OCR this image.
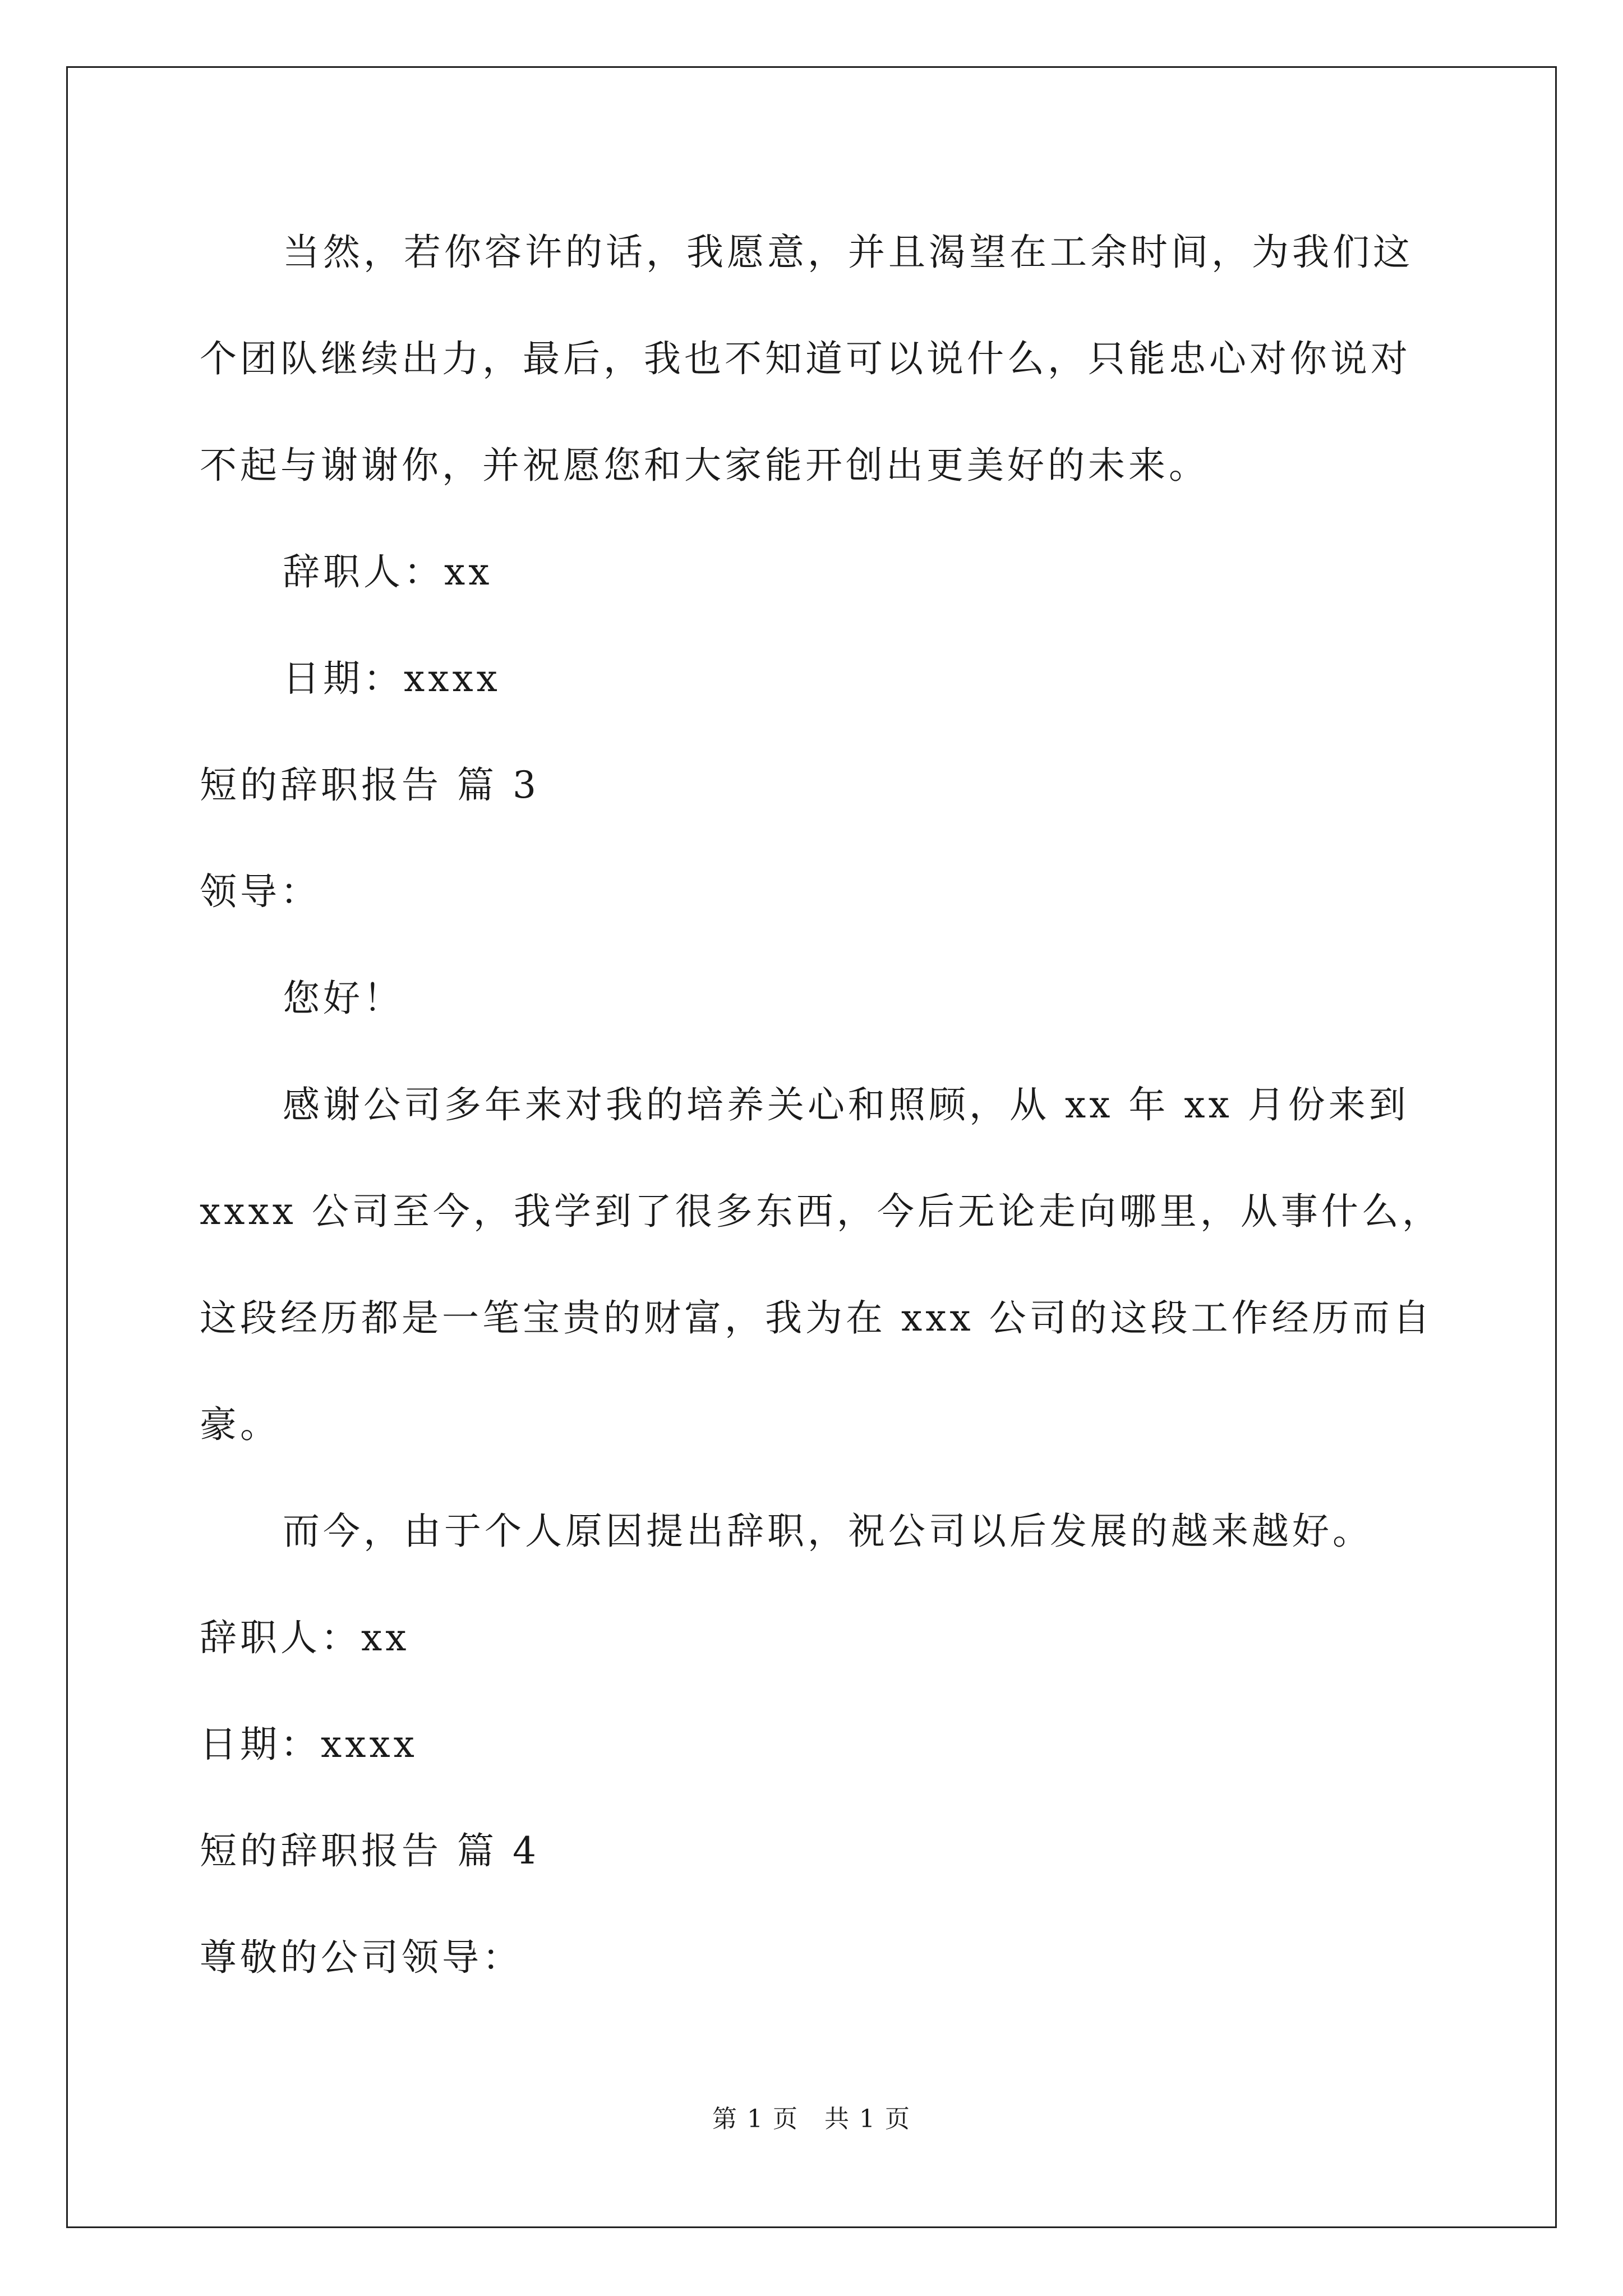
当然，若你容许的话，我愿意，并且渴望在工余时间，为我们这
个团队继续出力，最后，我也不知道可以说什么，只能忠心对你说对
不起与谢谢你，并祝愿您和大家能开创出更美好的未来。
辞职人：xx
日期：xxxx
短的辞职报告 篇 3
领导：
您好！
感谢公司多年来对我的培养关心和照顾，从 xx 年 xx 月份来到
xxxx 公司至今，我学到了很多东西，今后无论走向哪里，从事什么，
这段经历都是一笔宝贵的财富，我为在 xxx 公司的这段工作经历而自
豪。
而今，由于个人原因提出辞职，祝公司以后发展的越来越好。
辞职人：xx
日期：xxxx
短的辞职报告 篇 4
尊敬的公司领导：
第 1 页　共 1 页
